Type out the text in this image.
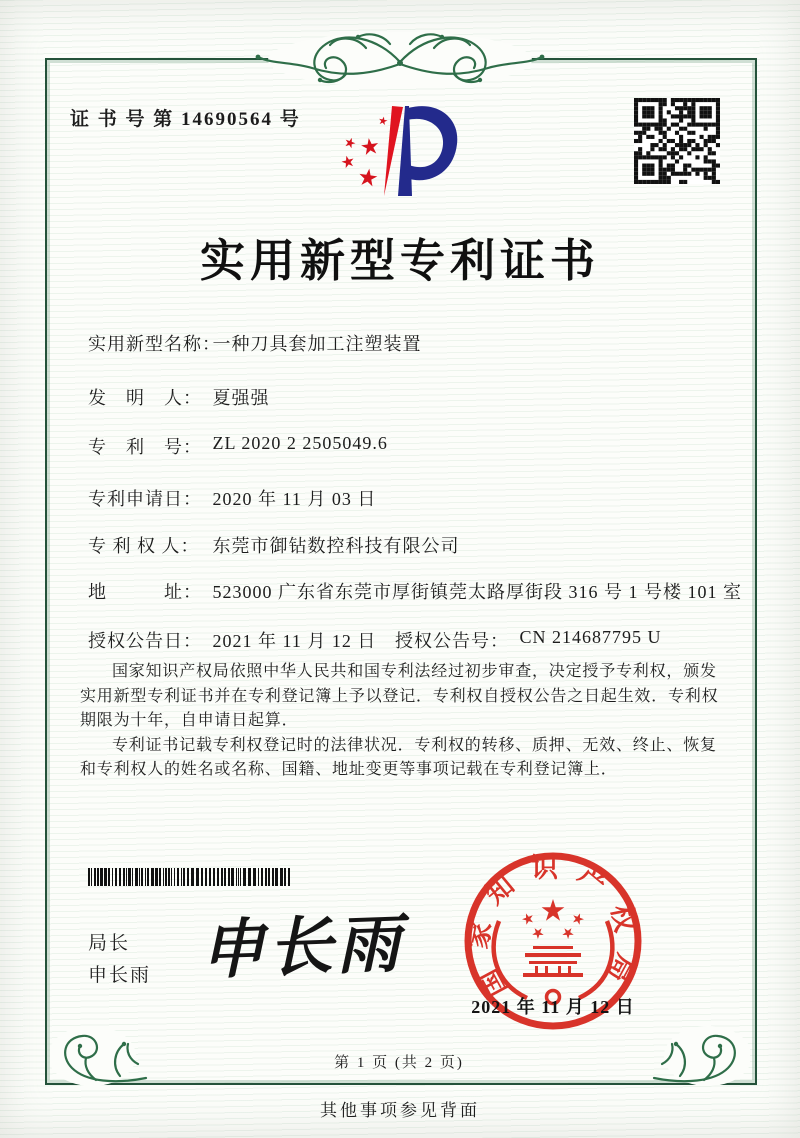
证 书 号 第 14690564 号
实用新型专利证书
实用新型名称： 一种刀具套加工注塑装置
发　明　人： 夏强强
专　利　号： ZL 2020 2 2505049.6
专利申请日： 2020 年 11 月 03 日
专 利 权 人： 东莞市御钻数控科技有限公司
地　　　址： 523000 广东省东莞市厚街镇莞太路厚街段 316 号 1 号楼 101 室
授权公告日： 2021 年 11 月 12 日 授权公告号： CN 214687795 U

国家知识产权局依照中华人民共和国专利法经过初步审查，决定授予专利权，颁发实用新型专利证书并在专利登记簿上予以登记．专利权自授权公告之日起生效．专利权期限为十年，自申请日起算．

专利证书记载专利权登记时的法律状况．专利权的转移、质押、无效、终止、恢复和专利权人的姓名或名称、国籍、地址变更等事项记载在专利登记簿上．

局长
申长雨 申长雨 国家知识产权局
2021 年 11 月 12 日
第 1 页 (共 2 页)
其他事项参见背面
